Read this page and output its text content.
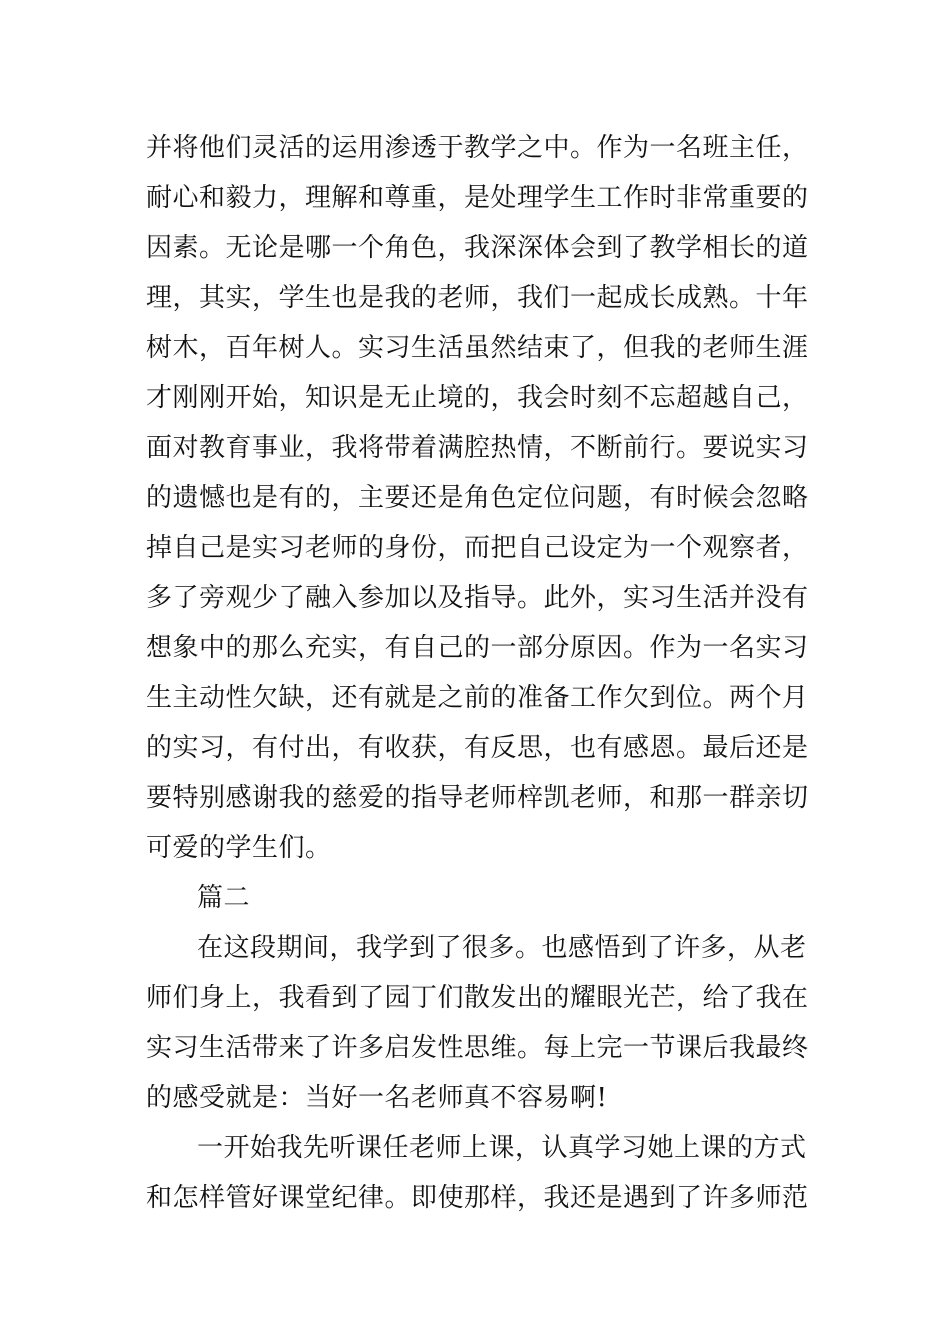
并将他们灵活的运用渗透于教学之中。作为一名班主任，
耐心和毅力，理解和尊重，是处理学生工作时非常重要的
因素。无论是哪一个角色，我深深体会到了教学相长的道
理，其实，学生也是我的老师，我们一起成长成熟。十年
树木，百年树人。实习生活虽然结束了，但我的老师生涯
才刚刚开始，知识是无止境的，我会时刻不忘超越自己，
面对教育事业，我将带着满腔热情，不断前行。要说实习
的遗憾也是有的，主要还是角色定位问题，有时候会忽略
掉自己是实习老师的身份，而把自己设定为一个观察者，
多了旁观少了融入参加以及指导。此外，实习生活并没有
想象中的那么充实，有自己的一部分原因。作为一名实习
生主动性欠缺，还有就是之前的准备工作欠到位。两个月
的实习，有付出，有收获，有反思，也有感恩。最后还是
要特别感谢我的慈爱的指导老师梓凯老师，和那一群亲切
可爱的学生们。
篇二
在这段期间，我学到了很多。也感悟到了许多，从老
师们身上，我看到了园丁们散发出的耀眼光芒，给了我在
实习生活带来了许多启发性思维。每上完一节课后我最终
的感受就是：当好一名老师真不容易啊!
一开始我先听课任老师上课，认真学习她上课的方式
和怎样管好课堂纪律。即使那样，我还是遇到了许多师范
